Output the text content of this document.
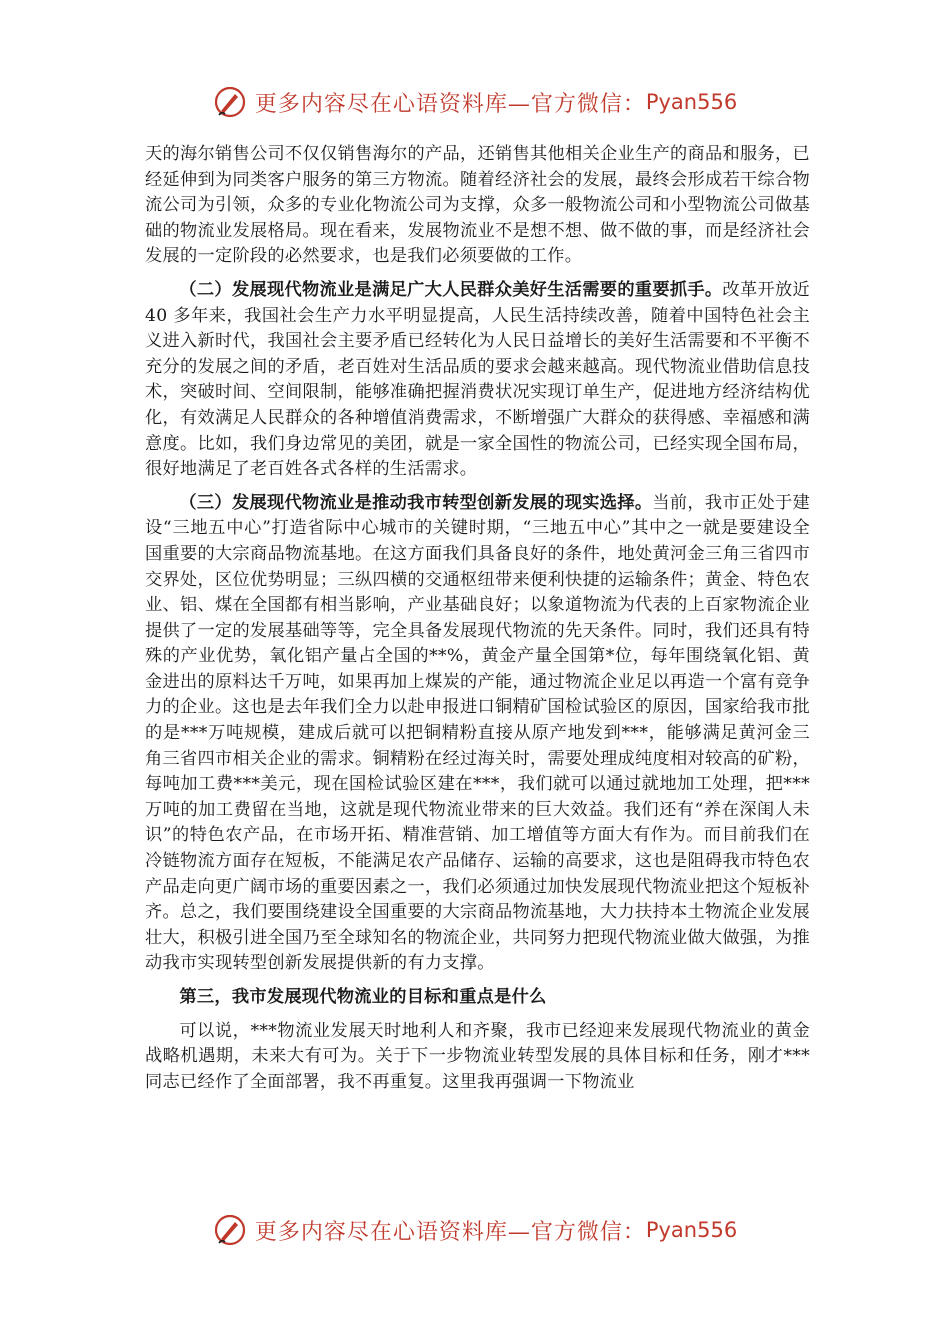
更多内容尽在心语资料库—官方微信： Pyan556

天的海尔销售公司不仅仅销售海尔的产品，还销售其他相关企业生产的商品和服务，已经延伸到为同类客户服务的第三方物流。随着经济社会的发展，最终会形成若干综合物流公司为引领，众多的专业化物流公司为支撑，众多一般物流公司和小型物流公司做基础的物流业发展格局。现在看来，发展物流业不是想不想、做不做的事，而是经济社会发展的一定阶段的必然要求，也是我们必须要做的工作。

（二）发展现代物流业是满足广大人民群众美好生活需要的重要抓手。改革开放近 40 多年来，我国社会生产力水平明显提高，人民生活持续改善，随着中国特色社会主义进入新时代，我国社会主要矛盾已经转化为人民日益增长的美好生活需要和不平衡不充分的发展之间的矛盾，老百姓对生活品质的要求会越来越高。现代物流业借助信息技术，突破时间、空间限制，能够准确把握消费状况实现订单生产，促进地方经济结构优化，有效满足人民群众的各种增值消费需求，不断增强广大群众的获得感、幸福感和满意度。比如，我们身边常见的美团，就是一家全国性的物流公司，已经实现全国布局，很好地满足了老百姓各式各样的生活需求。

（三）发展现代物流业是推动我市转型创新发展的现实选择。当前，我市正处于建设“三地五中心”打造省际中心城市的关键时期，“三地五中心”其中之一就是要建设全国重要的大宗商品物流基地。在这方面我们具备良好的条件，地处黄河金三角三省四市交界处，区位优势明显；三纵四横的交通枢纽带来便利快捷的运输条件；黄金、特色农业、铝、煤在全国都有相当影响，产业基础良好；以象道物流为代表的上百家物流企业提供了一定的发展基础等等，完全具备发展现代物流的先天条件。同时，我们还具有特殊的产业优势，氧化铝产量占全国的**%，黄金产量全国第*位，每年围绕氧化铝、黄金进出的原料达千万吨，如果再加上煤炭的产能，通过物流企业足以再造一个富有竞争力的企业。这也是去年我们全力以赴申报进口铜精矿国检试验区的原因，国家给我市批的是***万吨规模，建成后就可以把铜精粉直接从原产地发到***，能够满足黄河金三角三省四市相关企业的需求。铜精粉在经过海关时，需要处理成纯度相对较高的矿粉，每吨加工费***美元，现在国检试验区建在***，我们就可以通过就地加工处理，把***万吨的加工费留在当地，这就是现代物流业带来的巨大效益。我们还有“养在深闺人未识”的特色农产品，在市场开拓、精准营销、加工增值等方面大有作为。而目前我们在冷链物流方面存在短板，不能满足农产品储存、运输的高要求，这也是阻碍我市特色农产品走向更广阔市场的重要因素之一，我们必须通过加快发展现代物流业把这个短板补齐。总之，我们要围绕建设全国重要的大宗商品物流基地，大力扶持本土物流企业发展壮大，积极引进全国乃至全球知名的物流企业，共同努力把现代物流业做大做强，为推动我市实现转型创新发展提供新的有力支撑。

第三，我市发展现代物流业的目标和重点是什么

可以说，***物流业发展天时地利人和齐聚，我市已经迎来发展现代物流业的黄金战略机遇期，未来大有可为。关于下一步物流业转型发展的具体目标和任务，刚才***同志已经作了全面部署，我不再重复。这里我再强调一下物流业

更多内容尽在心语资料库—官方微信： Pyan556
